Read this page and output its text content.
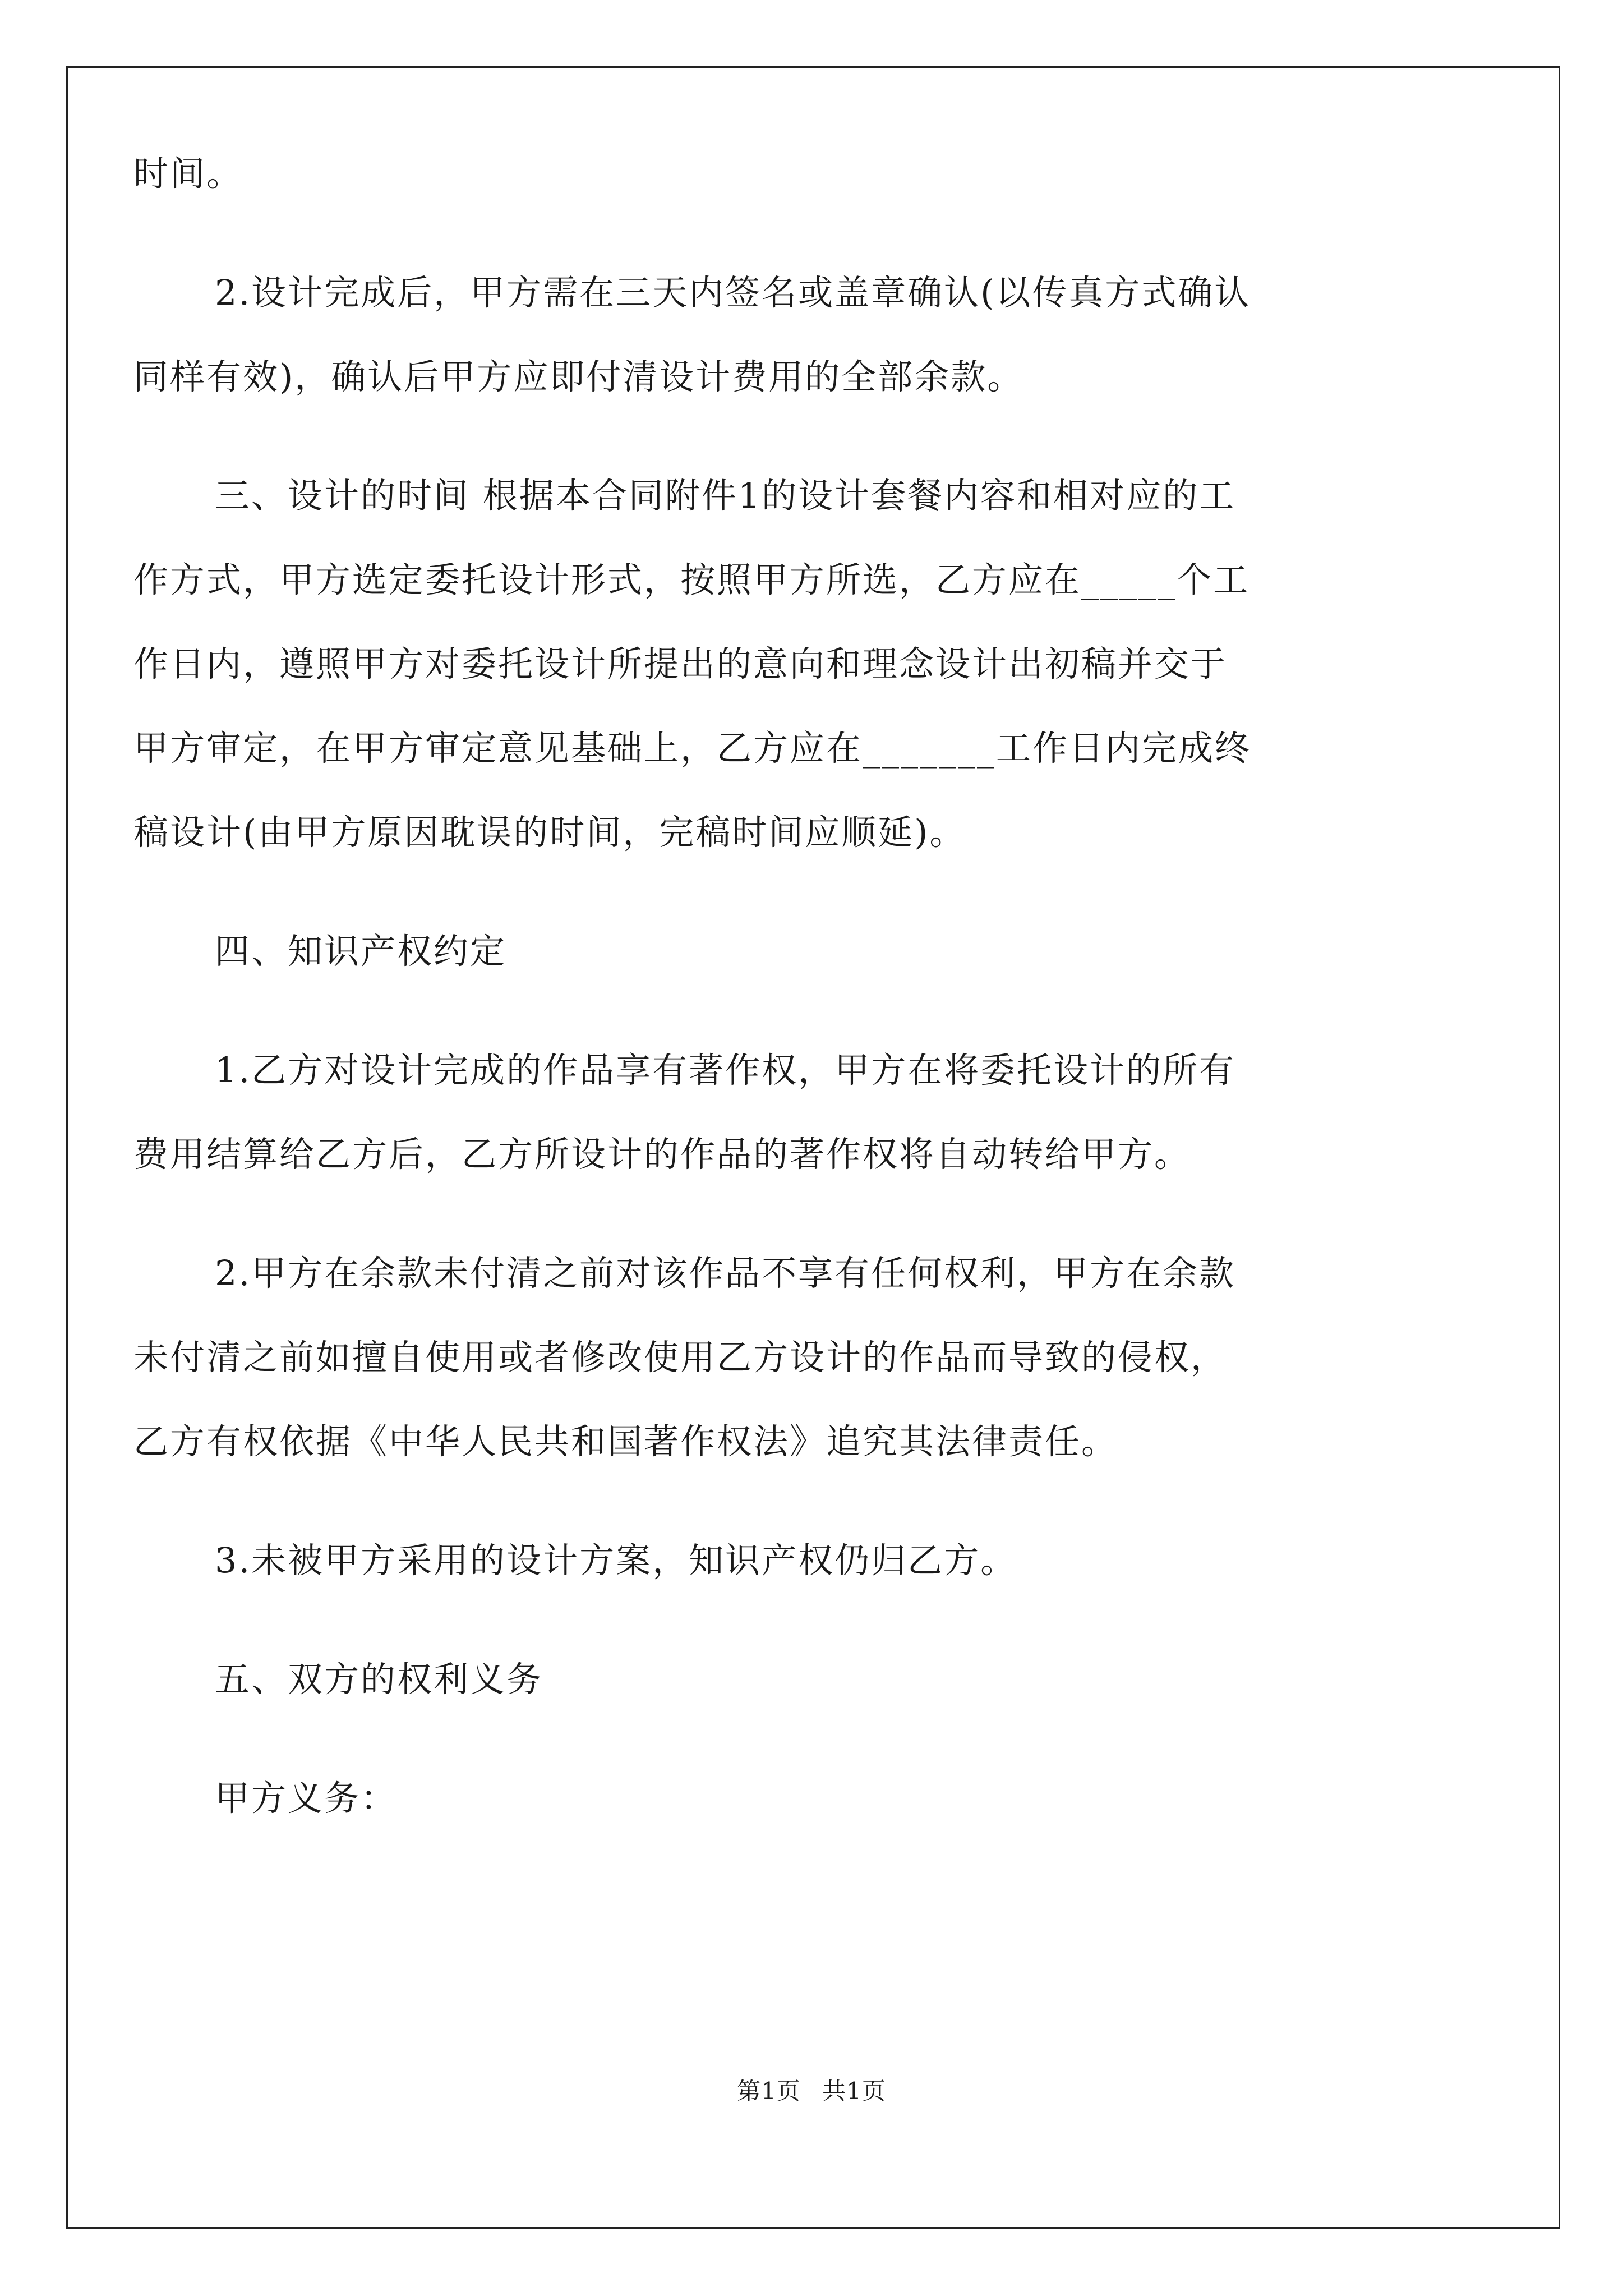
时间。

2.设计完成后，甲方需在三天内签名或盖章确认(以传真方式确认

同样有效)，确认后甲方应即付清设计费用的全部余款。

三、设计的时间 根据本合同附件1的设计套餐内容和相对应的工

作方式，甲方选定委托设计形式，按照甲方所选，乙方应在_____个工

作日内，遵照甲方对委托设计所提出的意向和理念设计出初稿并交于

甲方审定，在甲方审定意见基础上，乙方应在_______工作日内完成终

稿设计(由甲方原因耽误的时间，完稿时间应顺延)。

四、知识产权约定

1.乙方对设计完成的作品享有著作权，甲方在将委托设计的所有

费用结算给乙方后，乙方所设计的作品的著作权将自动转给甲方。

2.甲方在余款未付清之前对该作品不享有任何权利，甲方在余款

未付清之前如擅自使用或者修改使用乙方设计的作品而导致的侵权，

乙方有权依据《中华人民共和国著作权法》追究其法律责任。

3.未被甲方采用的设计方案，知识产权仍归乙方。

五、双方的权利义务

甲方义务：

第1页 共1页
